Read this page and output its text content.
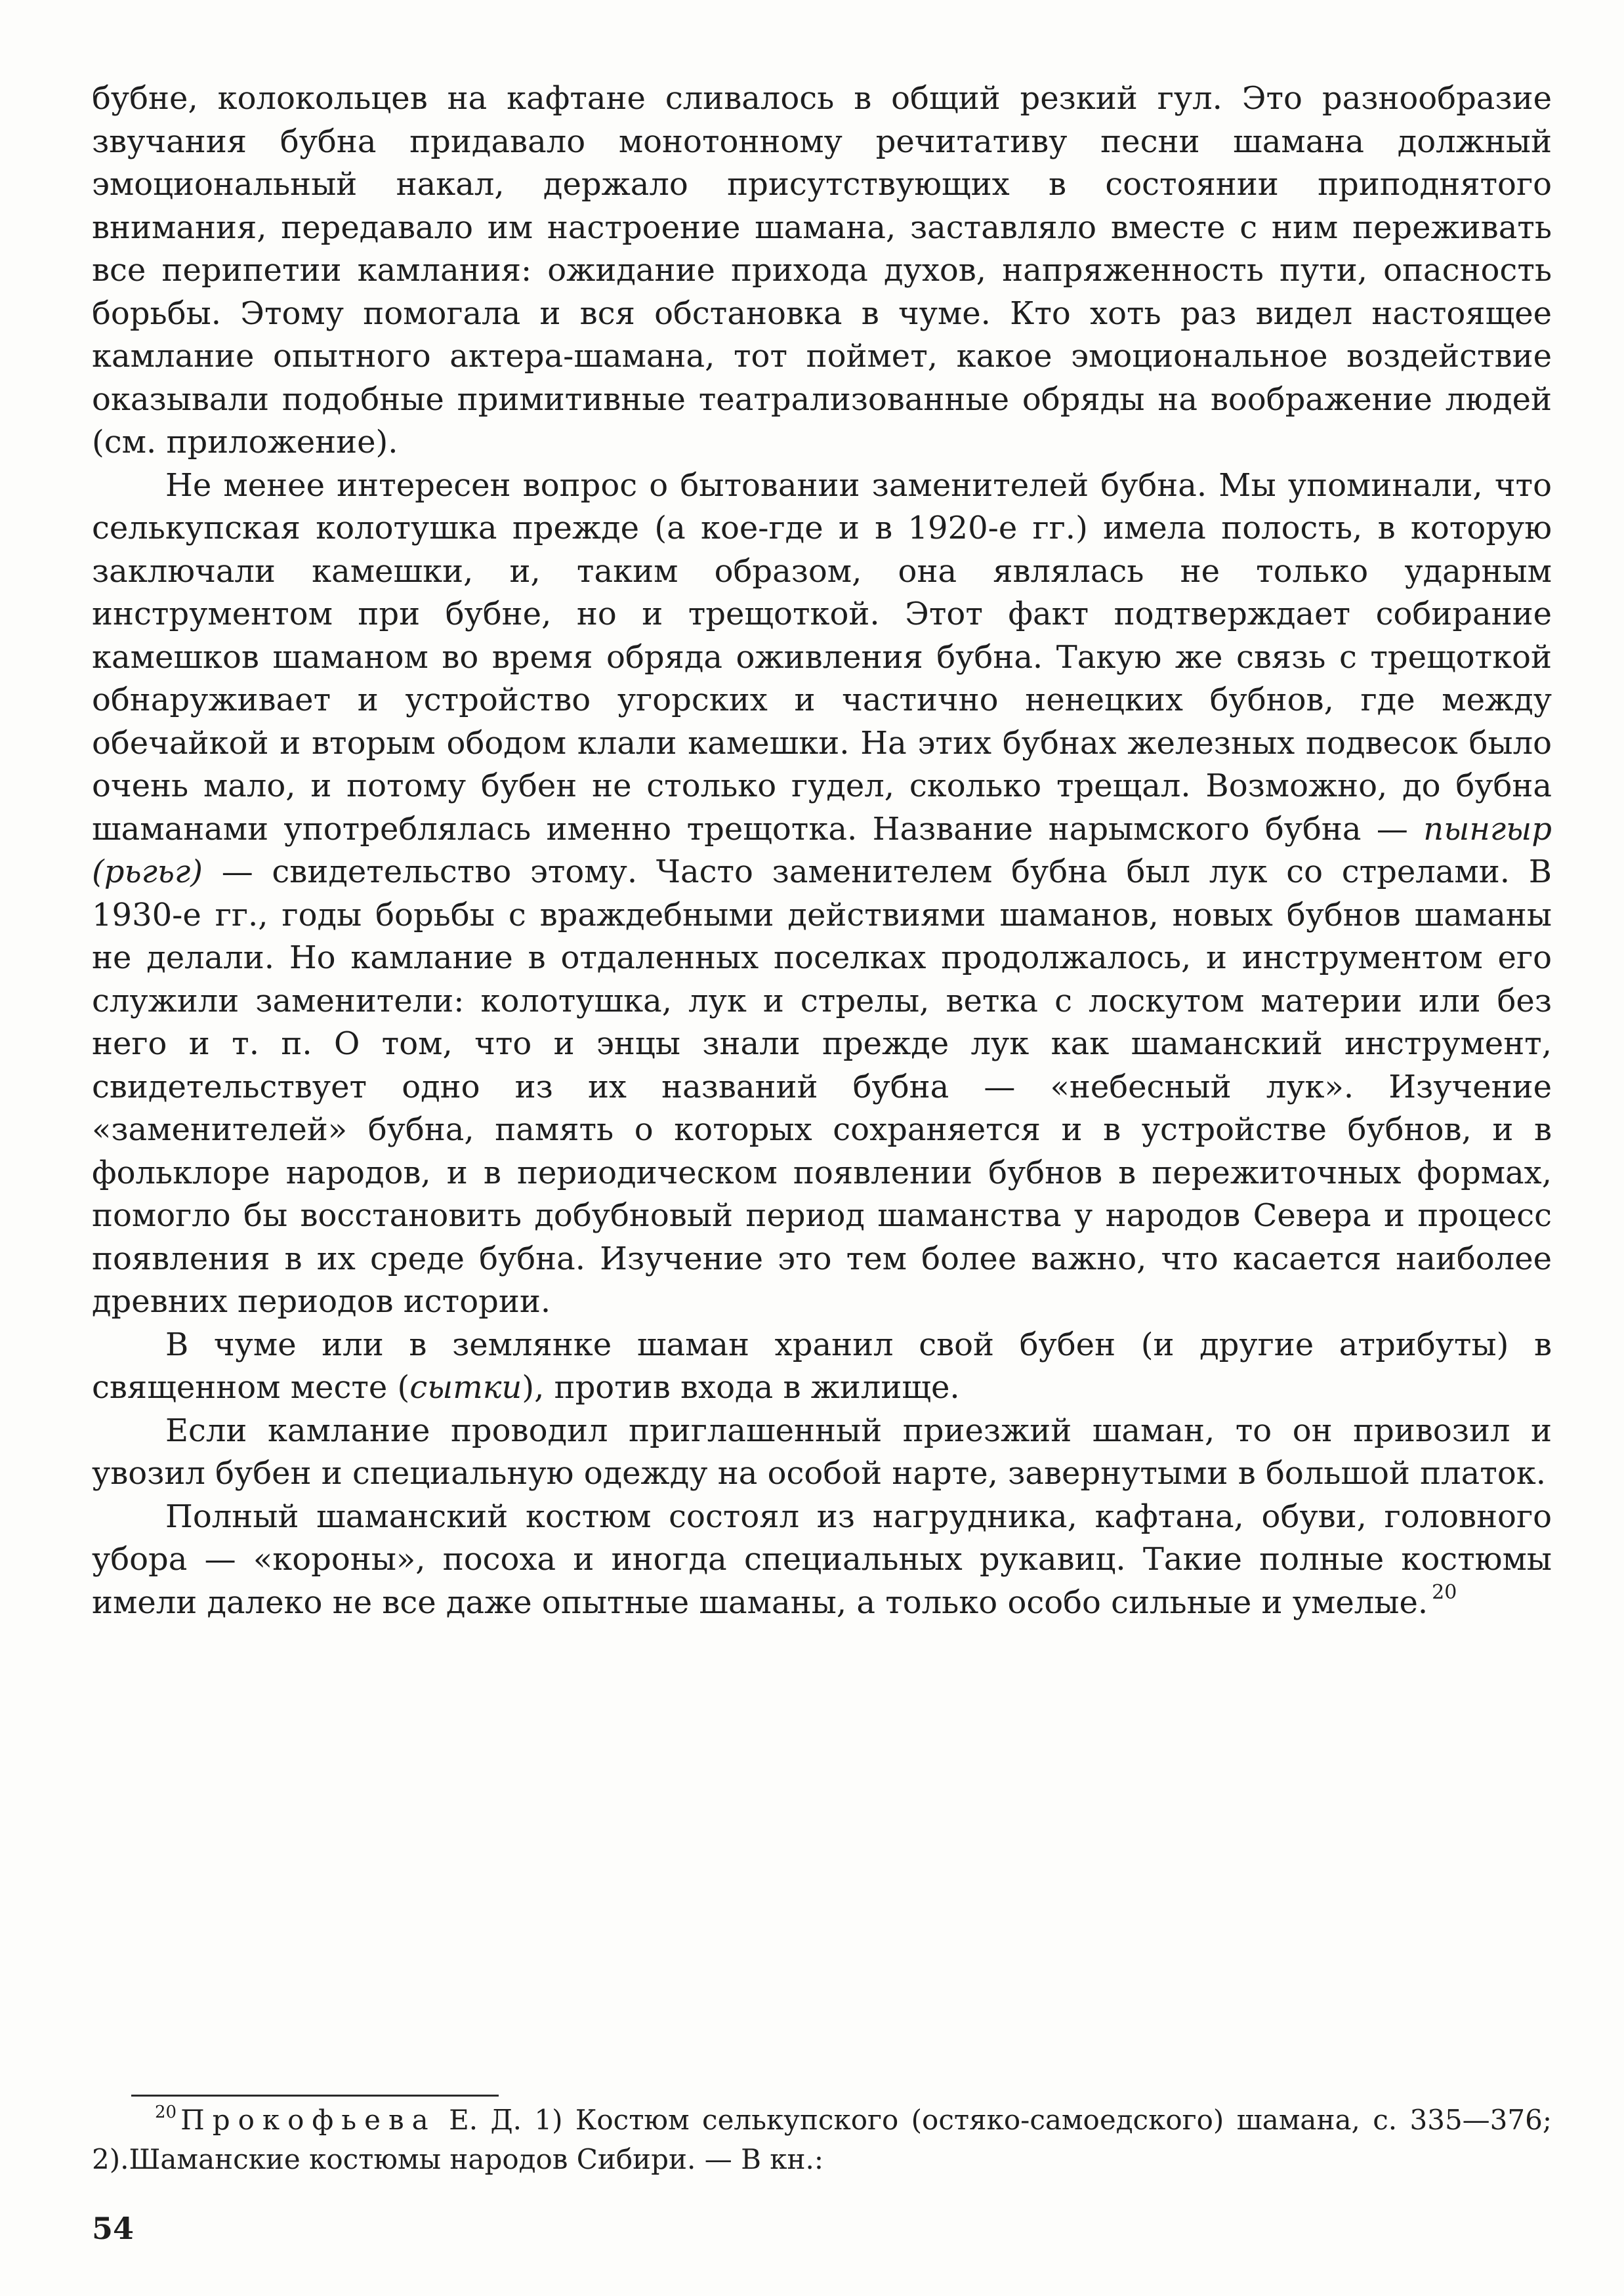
бубне, колокольцев на кафтане сливалось в общий резкий гул. Это разнообразие звучания бубна придавало монотонному речитативу песни шамана должный эмоциональный накал, держало присутствующих в состоянии приподнятого внимания, передавало им настроение шамана, заставляло вместе с ним переживать все перипетии камлания: ожидание прихода духов, напряженность пути, опасность борьбы. Этому помогала и вся обстановка в чуме. Кто хоть раз видел настоящее камлание опытного актера-шамана, тот поймет, какое эмоциональное воздействие оказывали подобные примитивные театрализованные обряды на воображение людей (см. приложение).

Не менее интересен вопрос о бытовании заменителей бубна. Мы упоминали, что селькупская колотушка прежде (а кое-где и в 1920-е гг.) имела полость, в которую заключали камешки, и, таким образом, она являлась не только ударным инструментом при бубне, но и трещоткой. Этот факт подтверждает собирание камешков шаманом во время обряда оживления бубна. Такую же связь с трещоткой обнаруживает и устройство угорских и частично ненецких бубнов, где между обечайкой и вторым ободом клали камешки. На этих бубнах железных подвесок было очень мало, и потому бубен не столько гудел, сколько трещал. Возможно, до бубна шаманами употреблялась именно трещотка. Название нарымского бубна — пынгыр (рьгьг) — свидетельство этому. Часто заменителем бубна был лук со стрелами. В 1930-е гг., годы борьбы с враждебными действиями шаманов, новых бубнов шаманы не делали. Но камлание в отдаленных поселках продолжалось, и инструментом его служили заменители: колотушка, лук и стрелы, ветка с лоскутом материи или без него и т. п. О том, что и энцы знали прежде лук как шаманский инструмент, свидетельствует одно из их названий бубна — «небесный лук». Изучение «заменителей» бубна, память о которых сохраняется и в устройстве бубнов, и в фольклоре народов, и в периодическом появлении бубнов в пережиточных формах, помогло бы восстановить добубновый период шаманства у народов Севера и процесс появления в их среде бубна. Изучение это тем более важно, что касается наиболее древних периодов истории.

В чуме или в землянке шаман хранил свой бубен (и другие атрибуты) в священном месте (сытки), против входа в жилище.

Если камлание проводил приглашенный приезжий шаман, то он привозил и увозил бубен и специальную одежду на особой нарте, завернутыми в большой платок.

Полный шаманский костюм состоял из нагрудника, кафтана, обуви, головного убора — «короны», посоха и иногда специальных рукавиц. Такие полные костюмы имели далеко не все даже опытные шаманы, а только особо сильные и умелые. $^{20}$

$^{20}$ Прокофьева Е. Д. 1) Костюм селькупского (остяко-самоедского) шамана, с. 335—376; 2).Шаманские костюмы народов Сибири. — В кн.:
54
